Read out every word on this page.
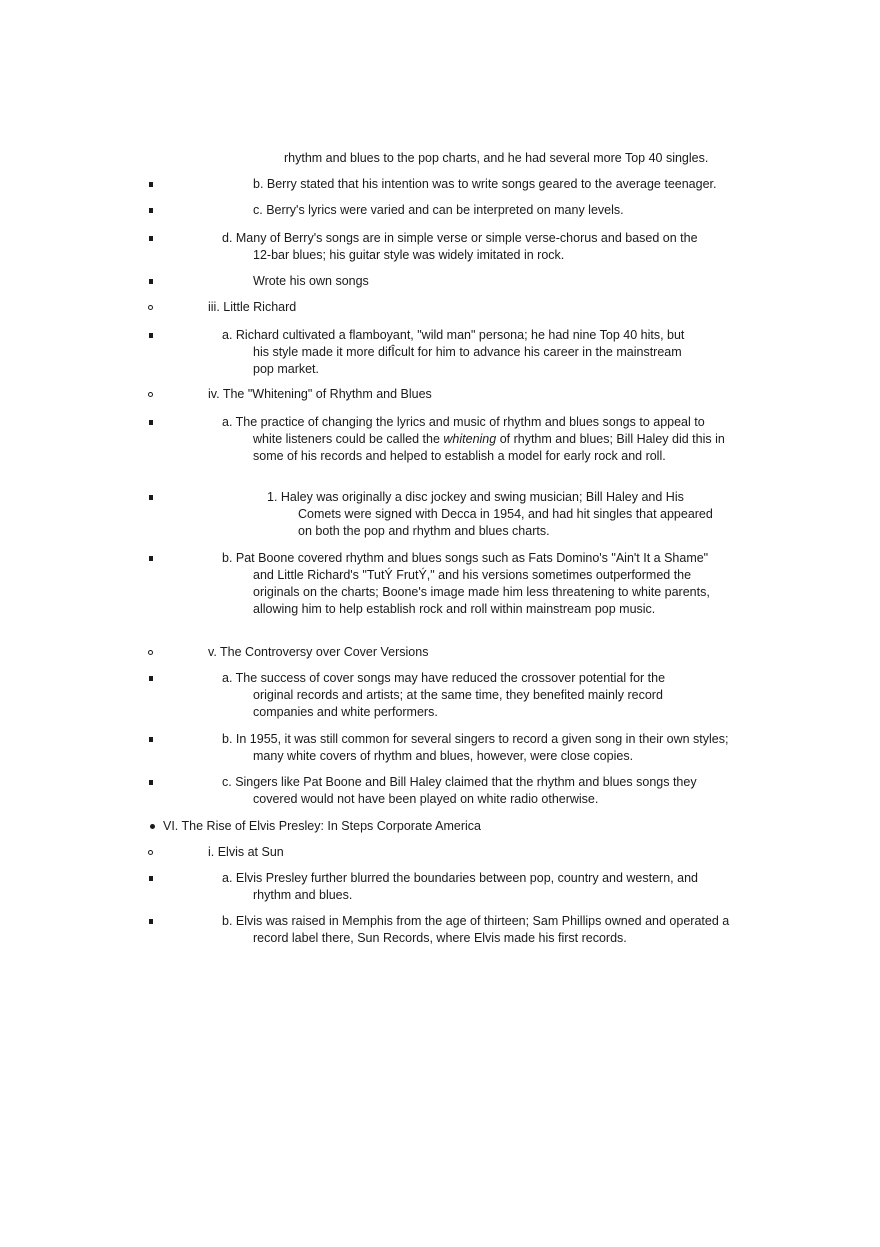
rhythm and blues to the pop charts, and he had several more Top 40 singles.
b. Berry stated that his intention was to write songs geared to the average teenager.
c. Berry's lyrics were varied and can be interpreted on many levels.
d. Many of Berry's songs are in simple verse or simple verse-chorus and based on the 12-bar blues; his guitar style was widely imitated in rock.
Wrote his own songs
iii. Little Richard
a. Richard cultivated a flamboyant, "wild man" persona; he had nine Top 40 hits, but his style made it more difÎcult for him to advance his career in the mainstream pop market.
iv. The "Whitening" of Rhythm and Blues
a. The practice of changing the lyrics and music of rhythm and blues songs to appeal to white listeners could be called the whitening of rhythm and blues; Bill Haley did this in some of his records and helped to establish a model for early rock and roll.
1. Haley was originally a disc jockey and swing musician; Bill Haley and His Comets were signed with Decca in 1954, and had hit singles that appeared on both the pop and rhythm and blues charts.
b. Pat Boone covered rhythm and blues songs such as Fats Domino's "Ain't It a Shame" and Little Richard's "TutÝ FrutÝ," and his versions sometimes outperformed the originals on the charts; Boone's image made him less threatening to white parents, allowing him to help establish rock and roll within mainstream pop music.
v. The Controversy over Cover Versions
a. The success of cover songs may have reduced the crossover potential for the original records and artists; at the same time, they benefited mainly record companies and white performers.
b. In 1955, it was still common for several singers to record a given song in their own styles; many white covers of rhythm and blues, however, were close copies.
c. Singers like Pat Boone and Bill Haley claimed that the rhythm and blues songs they covered would not have been played on white radio otherwise.
VI. The Rise of Elvis Presley: In Steps Corporate America
i. Elvis at Sun
a. Elvis Presley further blurred the boundaries between pop, country and western, and rhythm and blues.
b. Elvis was raised in Memphis from the age of thirteen; Sam Phillips owned and operated a record label there, Sun Records, where Elvis made his first records.
